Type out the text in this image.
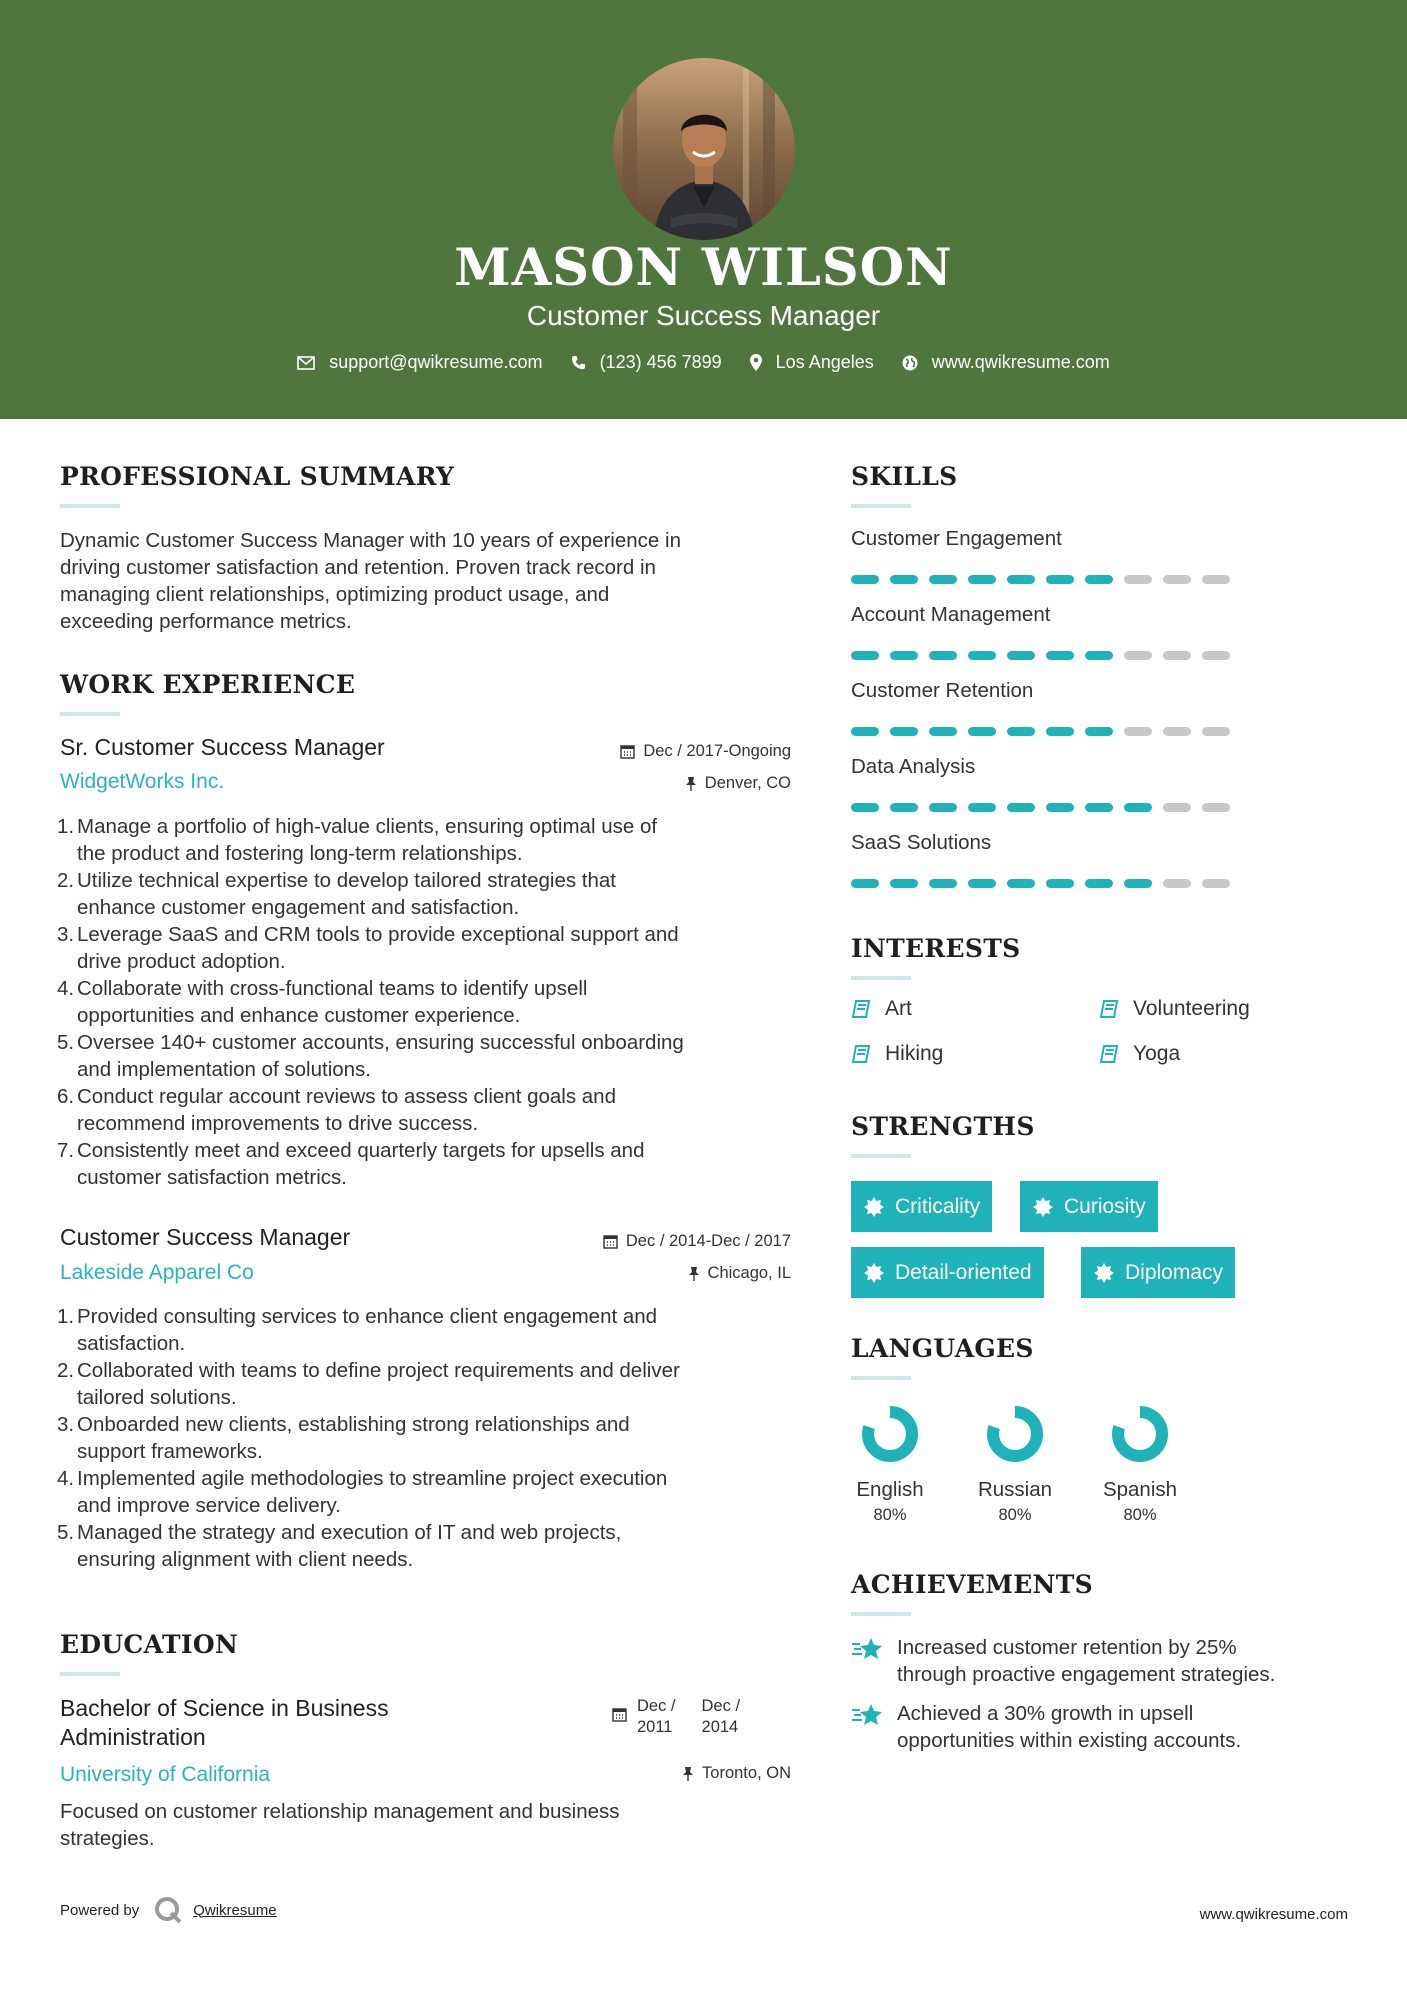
MASON WILSON
Customer Success Manager
support@qwikresume.com	(123) 456 7899	Los Angeles	www.qwikresume.com
PROFESSIONAL SUMMARY
Dynamic Customer Success Manager with 10 years of experience in
driving customer satisfaction and retention. Proven track record in
managing client relationships, optimizing product usage, and
exceeding performance metrics.
WORK EXPERIENCE
Sr. Customer Success Manager	Dec / 2017-Ongoing
WidgetWorks Inc.	Denver, CO
1. Manage a portfolio of high-value clients, ensuring optimal use of
the product and fostering long-term relationships.
2. Utilize technical expertise to develop tailored strategies that
enhance customer engagement and satisfaction.
3. Leverage SaaS and CRM tools to provide exceptional support and
drive product adoption.
4. Collaborate with cross-functional teams to identify upsell
opportunities and enhance customer experience.
5. Oversee 140+ customer accounts, ensuring successful onboarding
and implementation of solutions.
6. Conduct regular account reviews to assess client goals and
recommend improvements to drive success.
7. Consistently meet and exceed quarterly targets for upsells and
customer satisfaction metrics.
Customer Success Manager	Dec / 2014-Dec / 2017
Lakeside Apparel Co	Chicago, IL
1. Provided consulting services to enhance client engagement and
satisfaction.
2. Collaborated with teams to define project requirements and deliver
tailored solutions.
3. Onboarded new clients, establishing strong relationships and
support frameworks.
4. Implemented agile methodologies to streamline project execution
and improve service delivery.
5. Managed the strategy and execution of IT and web projects,
ensuring alignment with client needs.
EDUCATION
Bachelor of Science in Business
Administration
Dec /
2011
Dec /
2014
University of California	Toronto, ON
Focused on customer relationship management and business
strategies.
SKILLS
Customer Engagement
Account Management
Customer Retention
Data Analysis
SaaS Solutions
INTERESTS
Art	Volunteering
Hiking	Yoga
STRENGTHS
Criticality	Curiosity
Detail-oriented	Diplomacy
LANGUAGES
English
80%
Russian
80%
Spanish
80%
ACHIEVEMENTS
Increased customer retention by 25%
through proactive engagement strategies.
Achieved a 30% growth in upsell
opportunities within existing accounts.
Powered by	Qwikresume	www.qwikresume.com
